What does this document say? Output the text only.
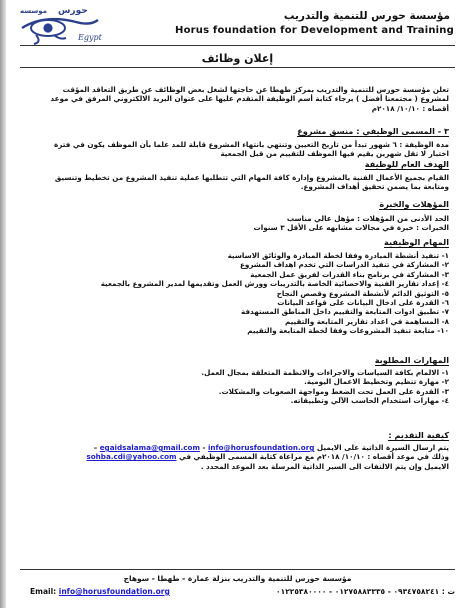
موسسه حورس
Egypt
مؤسسة حورس للتنمية والتدريب
Horus foundation for Development and Training
إعلان وظائف
تعلن مؤسسة حورس للتنمية والتدريب بمركز طهطا عن حاجتها لشغل بعض الوظائف عن طريق التعاقد المؤقت
لمشروع ( مجتمعنا أفضل ) برجاء كتابة أسم الوظيفة المتقدم عليها على عنوان البريد الالكتروني المرفق في موعد
أقصاه : ١٠/١٠/ ٢٠١٨م
٣ - المسمى الوظيفي : منسق مشروع
مدة الوظيفة : ٦ شهور تبدأ من تاريخ التعيين وتنتهي بانتهاء المشروع قابلة للمد علما بأن الموظف يكون في فترة
اختبار لا تقل شهرين يقيم فيها الموظف للتقييم من قبل الجمعية
الهدف العام للوظيفة
القيام بجميع الأعمال الفنية بالمشروع وإدارة كافة المهام التي تتطلبها عملية تنفيذ المشروع من تخطيط وتنسيق
ومتابعة بما يضمن تحقيق أهداف المشروع.
المؤهلات والخبرة
الحد الأدنى من المؤهلات : مؤهل عالي مناسب
الخبرات : خبرة في مجالات مشابهه على الأقل ٣ سنوات
المهام الوظيفية
١- تنفيذ أنشطة المبادرة وفقا لخطة المبادرة والوثائق الاساسية
٢- المشاركة في تنفيذ الدراسات التي تخدم اهداف المشروع
٣- المشاركة في برنامج بناء القدرات لفريق عمل الجمعية
٤- إعداد تقارير الفنية والاحصائية الخاصة بالتدريبات وورش العمل وتقديمها لمدير المشروع بالجمعية
٥- التوثيق الدائم لأنشطة المشروع وقصص النجاح
٦- القدرة على ادخال البيانات على قواعد البيانات
٧- تطبيق ادوات المتابعة والتقييم داخل المناطق المستهدفة
٨- المساهمة في اعداد تقارير المتابعة والتقييم
١٠- متابعة تنفيذ المشروعات وفقا لخطة المتابعة والتقييم
المهارات المطلوبة
١- الالمام بكافة السياسات والاجراءات والانظمة المتعلقة بمجال العمل.
٢- مهارة تنظيم وتخطيط الاعمال اليومية.
٣- القدرة على العمل تحت الضغط ومواجهة الصعوبات والمشكلات.
٤- مهارات استخدام الحاسب الآلي وتطبيقاته.
كيفية التقديم :
يتم ارسال السيرة الذاتية على الايميل egaidsalama@gmail.com - info@horusfoundation.org –
وذلك في موعد أقصاه : ١٠/١٠/ ٢٠١٨م مع مراعاة كتابة المسمى الوظيفي في sohba.cdi@yahoo.com
الايميل وإن يتم الالتفات الى السير الذاتية المرسلة بعد الموعد المحدد .
مؤسسة حورس للتنمية والتدريب بنزلة عمارة - طهطا - سوهاج
Email: info@horusfoundation.org	ت : ٠٩٣٤٧٥٨٢٤١ - ٠١٢٧٥٨٨٣٣٣٥ - ٠١٢٢٥٣٨٠٠٠٠
